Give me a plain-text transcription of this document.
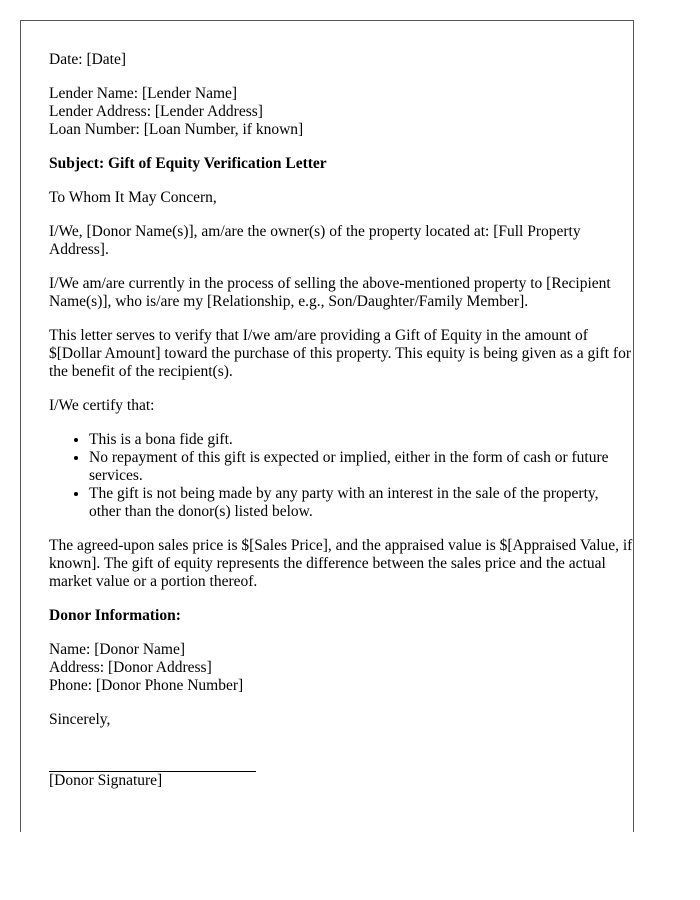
Date: [Date]

Lender Name: [Lender Name]
Lender Address: [Lender Address]
Loan Number: [Loan Number, if known]

Subject: Gift of Equity Verification Letter

To Whom It May Concern,

I/We, [Donor Name(s)], am/are the owner(s) of the property located at: [Full Property Address].

I/We am/are currently in the process of selling the above-mentioned property to [Recipient Name(s)], who is/are my [Relationship, e.g., Son/Daughter/Family Member].

This letter serves to verify that I/we am/are providing a Gift of Equity in the amount of $[Dollar Amount] toward the purchase of this property. This equity is being given as a gift for the benefit of the recipient(s).

I/We certify that:

• This is a bona fide gift.
• No repayment of this gift is expected or implied, either in the form of cash or future services.
• The gift is not being made by any party with an interest in the sale of the property, other than the donor(s) listed below.

The agreed-upon sales price is $[Sales Price], and the appraised value is $[Appraised Value, if known]. The gift of equity represents the difference between the sales price and the actual market value or a portion thereof.

Donor Information:

Name: [Donor Name]
Address: [Donor Address]
Phone: [Donor Phone Number]

Sincerely,

[Donor Signature]
